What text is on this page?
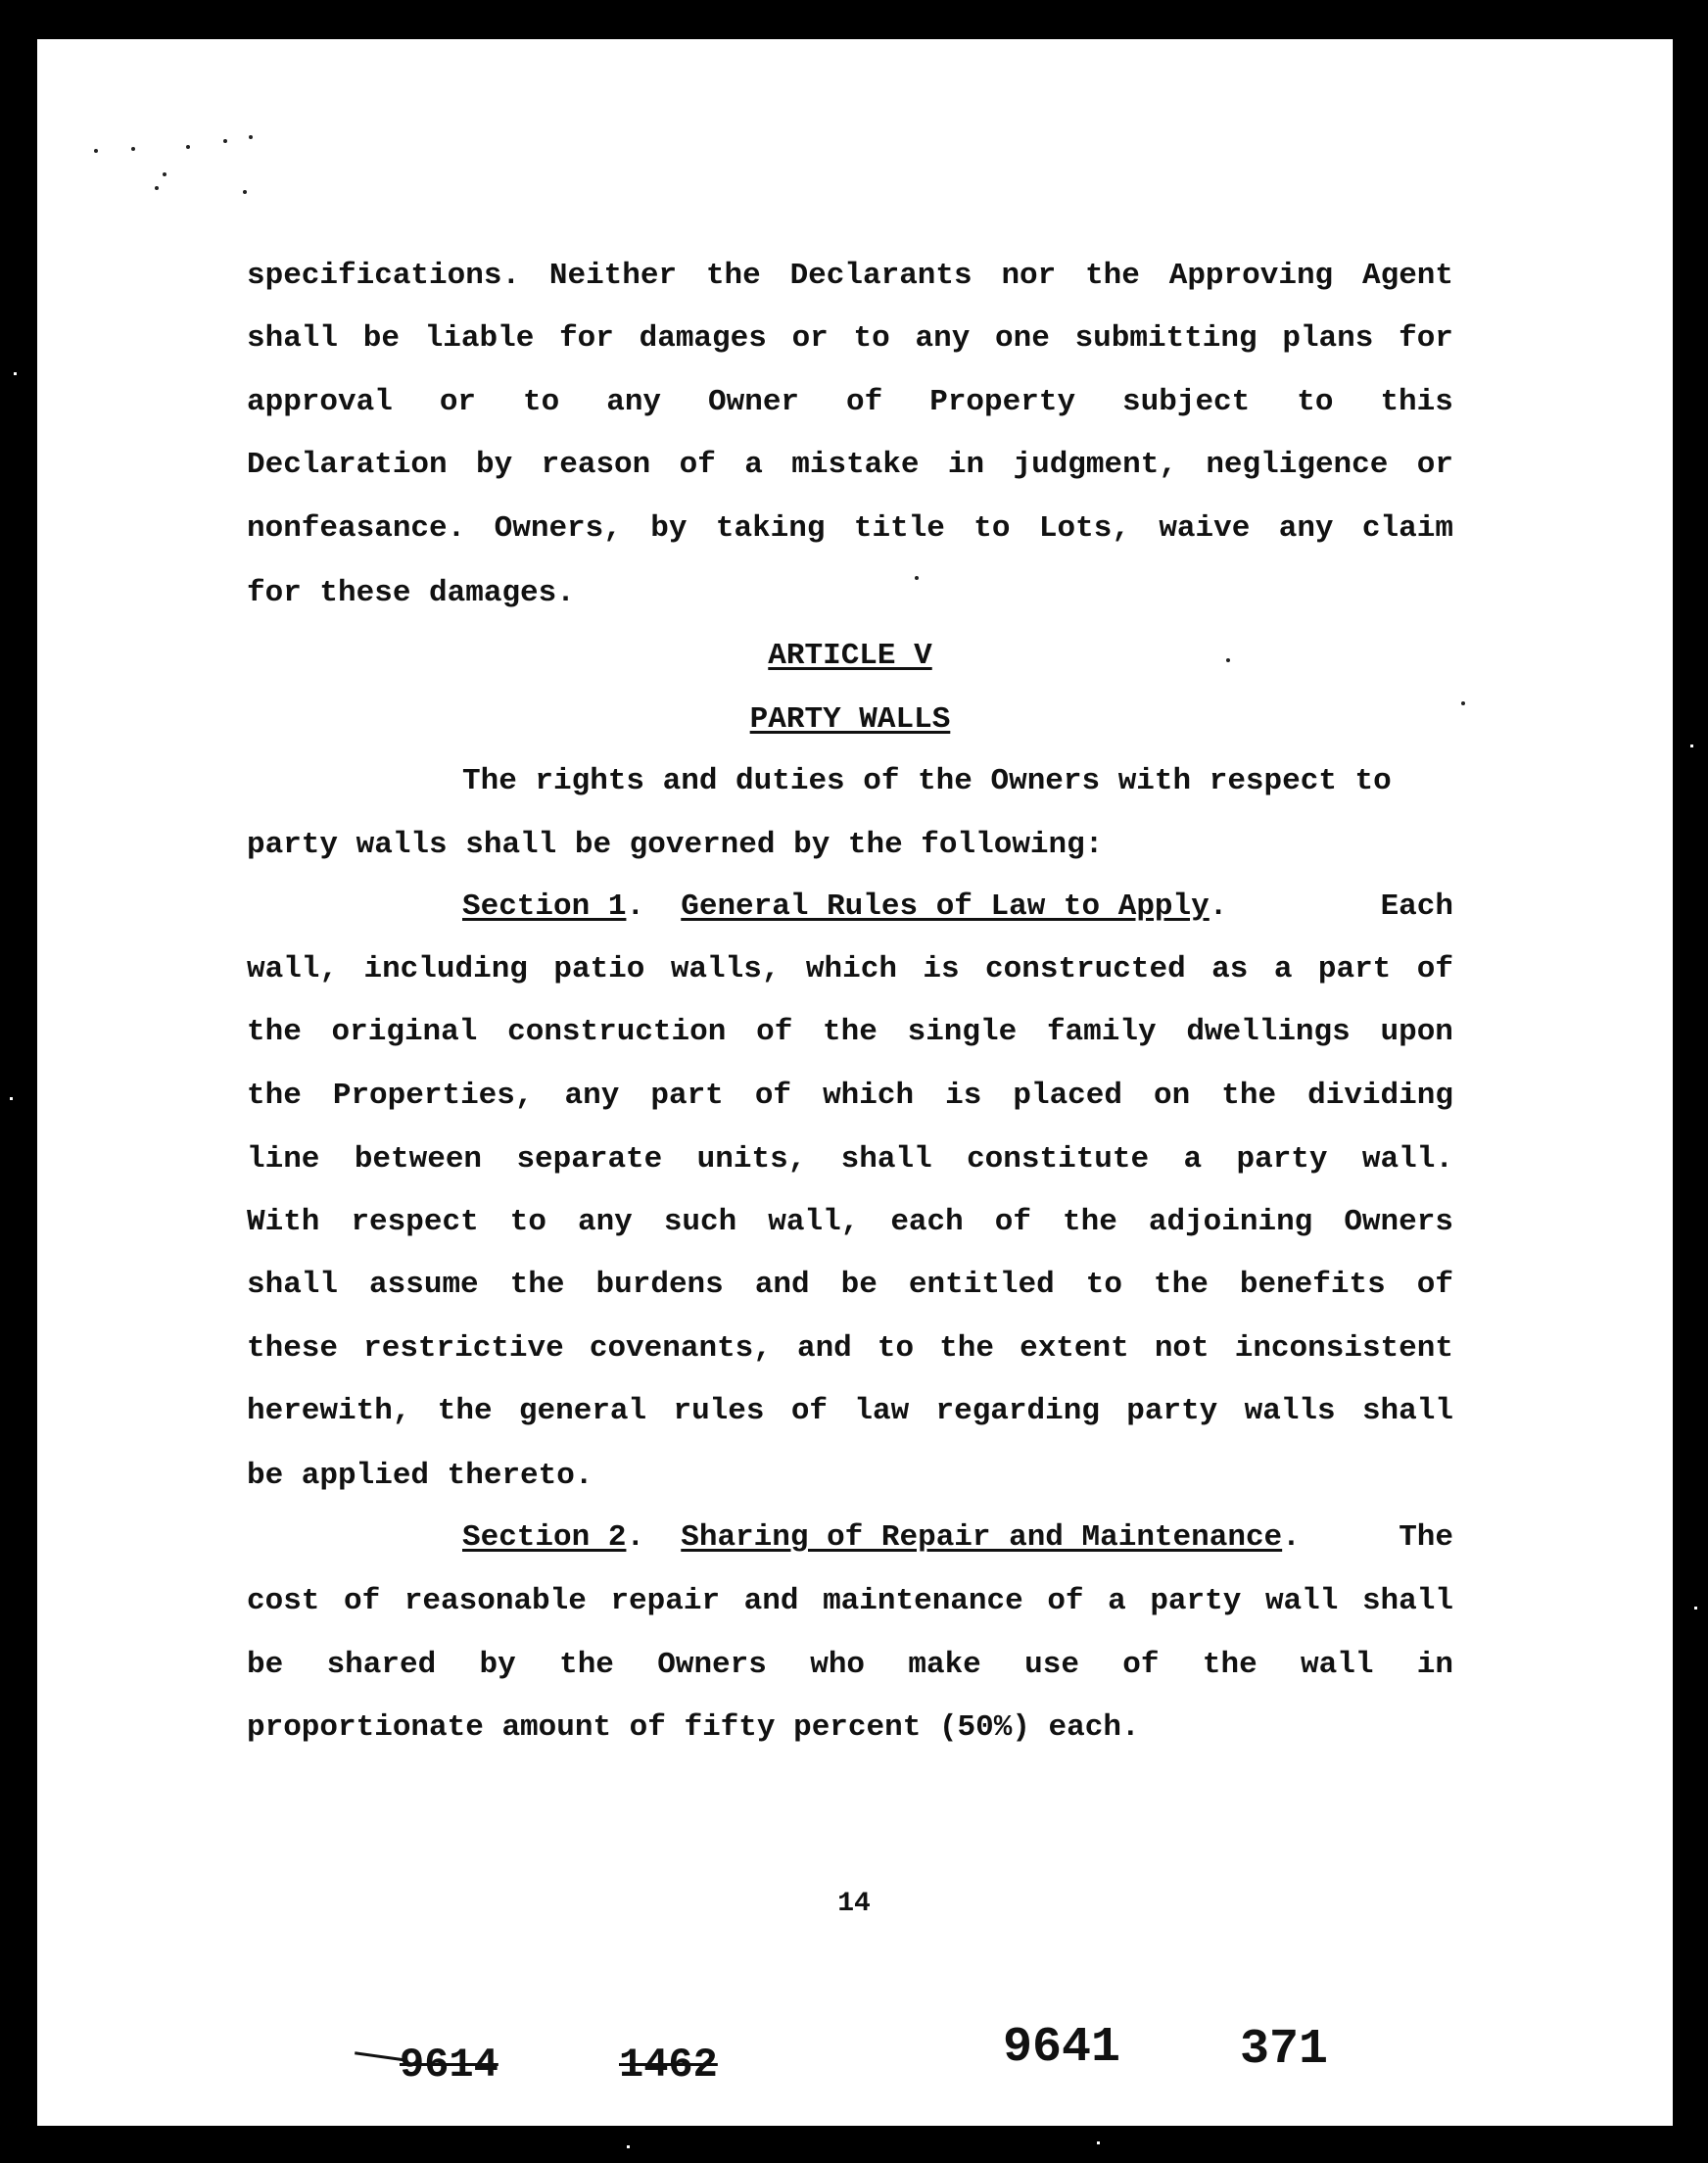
specifications. Neither the Declarants nor the Approving Agent
shall be liable for damages or to any one submitting plans for
approval or to any Owner of Property subject to this
Declaration by reason of a mistake in judgment, negligence or
nonfeasance. Owners, by taking title to Lots, waive any claim
for these damages.
ARTICLE V
PARTY WALLS
The rights and duties of the Owners with respect to
party walls shall be governed by the following:
Section 1.  General Rules of Law to Apply.	Each
wall, including patio walls, which is constructed as a part of
the original construction of the single family dwellings upon
the Properties, any part of which is placed on the dividing
line between separate units, shall constitute a party wall.
With respect to any such wall, each of the adjoining Owners
shall assume the burdens and be entitled to the benefits of
these restrictive covenants, and to the extent not inconsistent
herewith, the general rules of law regarding party walls shall
be applied thereto.
Section 2.  Sharing of Repair and Maintenance.	The
cost of reasonable repair and maintenance of a party wall shall
be shared by the Owners who make use of the wall in
proportionate amount of fifty percent (50%) each.
14
9614	1462	9641 371
